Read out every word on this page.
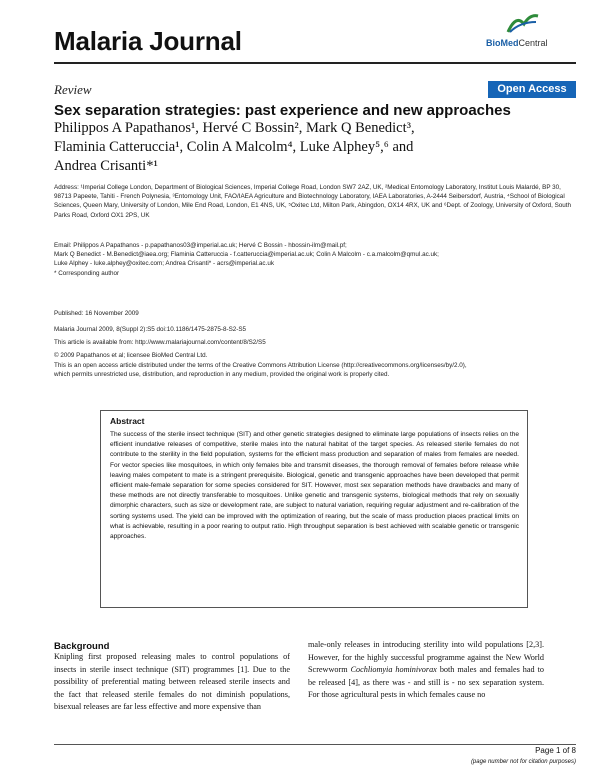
Malaria Journal	BioMedCentral
Review	Open Access
Sex separation strategies: past experience and new approaches
Philippos A Papathanos¹, Hervé C Bossin², Mark Q Benedict³,
Flaminia Catteruccia¹, Colin A Malcolm⁴, Luke Alphey⁵,⁶ and
Andrea Crisanti*¹
Address: ¹Imperial College London, Department of Biological Sciences, Imperial College Road, London SW7 2AZ, UK, ²Medical Entomology Laboratory, Institut Louis Malardé, BP 30, 98713 Papeete, Tahiti - French Polynesia, ³Entomology Unit, FAO/IAEA Agriculture and Biotechnology Laboratory, IAEA Laboratories, A-2444 Seibersdorf, Austria, ⁴School of Biological Sciences, Queen Mary, University of London, Mile End Road, London, E1 4NS, UK, ⁵Oxitec Ltd, Milton Park, Abingdon, OX14 4RX, UK and ⁶Dept. of Zoology, University of Oxford, South Parks Road, Oxford OX1 2PS, UK
Email: Philippos A Papathanos - p.papathanos03@imperial.ac.uk; Hervé C Bossin - hbossin-ilm@mail.pf;
Mark Q Benedict - M.Benedict@iaea.org; Flaminia Catteruccia - f.catteruccia@imperial.ac.uk; Colin A Malcolm - c.a.malcolm@qmul.ac.uk;
Luke Alphey - luke.alphey@oxitec.com; Andrea Crisanti* - acrs@imperial.ac.uk
* Corresponding author
Published: 16 November 2009
Malaria Journal 2009, 8(Suppl 2):S5 doi:10.1186/1475-2875-8-S2-S5
This article is available from: http://www.malariajournal.com/content/8/S2/S5
© 2009 Papathanos et al; licensee BioMed Central Ltd.
This is an open access article distributed under the terms of the Creative Commons Attribution License (http://creativecommons.org/licenses/by/2.0),
which permits unrestricted use, distribution, and reproduction in any medium, provided the original work is properly cited.
Abstract
The success of the sterile insect technique (SIT) and other genetic strategies designed to eliminate large populations of insects relies on the efficient inundative releases of competitive, sterile males into the natural habitat of the target species. As released sterile females do not contribute to the sterility in the field population, systems for the efficient mass production and separation of males from females are needed. For vector species like mosquitoes, in which only females bite and transmit diseases, the thorough removal of females before release while leaving males competent to mate is a stringent prerequisite. Biological, genetic and transgenic approaches have been developed that permit efficient male-female separation for some species considered for SIT. However, most sex separation methods have drawbacks and many of these methods are not directly transferable to mosquitoes. Unlike genetic and transgenic systems, biological methods that rely on sexually dimorphic characters, such as size or development rate, are subject to natural variation, requiring regular adjustment and re-calibration of the sorting systems used. The yield can be improved with the optimization of rearing, but the scale of mass production places practical limits on what is achievable, resulting in a poor rearing to output ratio. High throughput separation is best achieved with scalable genetic or transgenic approaches.
Background
Knipling first proposed releasing males to control populations of insects in sterile insect technique (SIT) programmes [1]. Due to the possibility of preferential mating between released sterile insects and the fact that released sterile females do not diminish populations, bisexual releases are far less effective and more expensive than
male-only releases in introducing sterility into wild populations [2,3]. However, for the highly successful programme against the New World Screwworm Cochliomyia hominivorax both males and females had to be released [4], as there was - and still is - no sex separation system. For those agricultural pests in which females cause no
Page 1 of 8
(page number not for citation purposes)
